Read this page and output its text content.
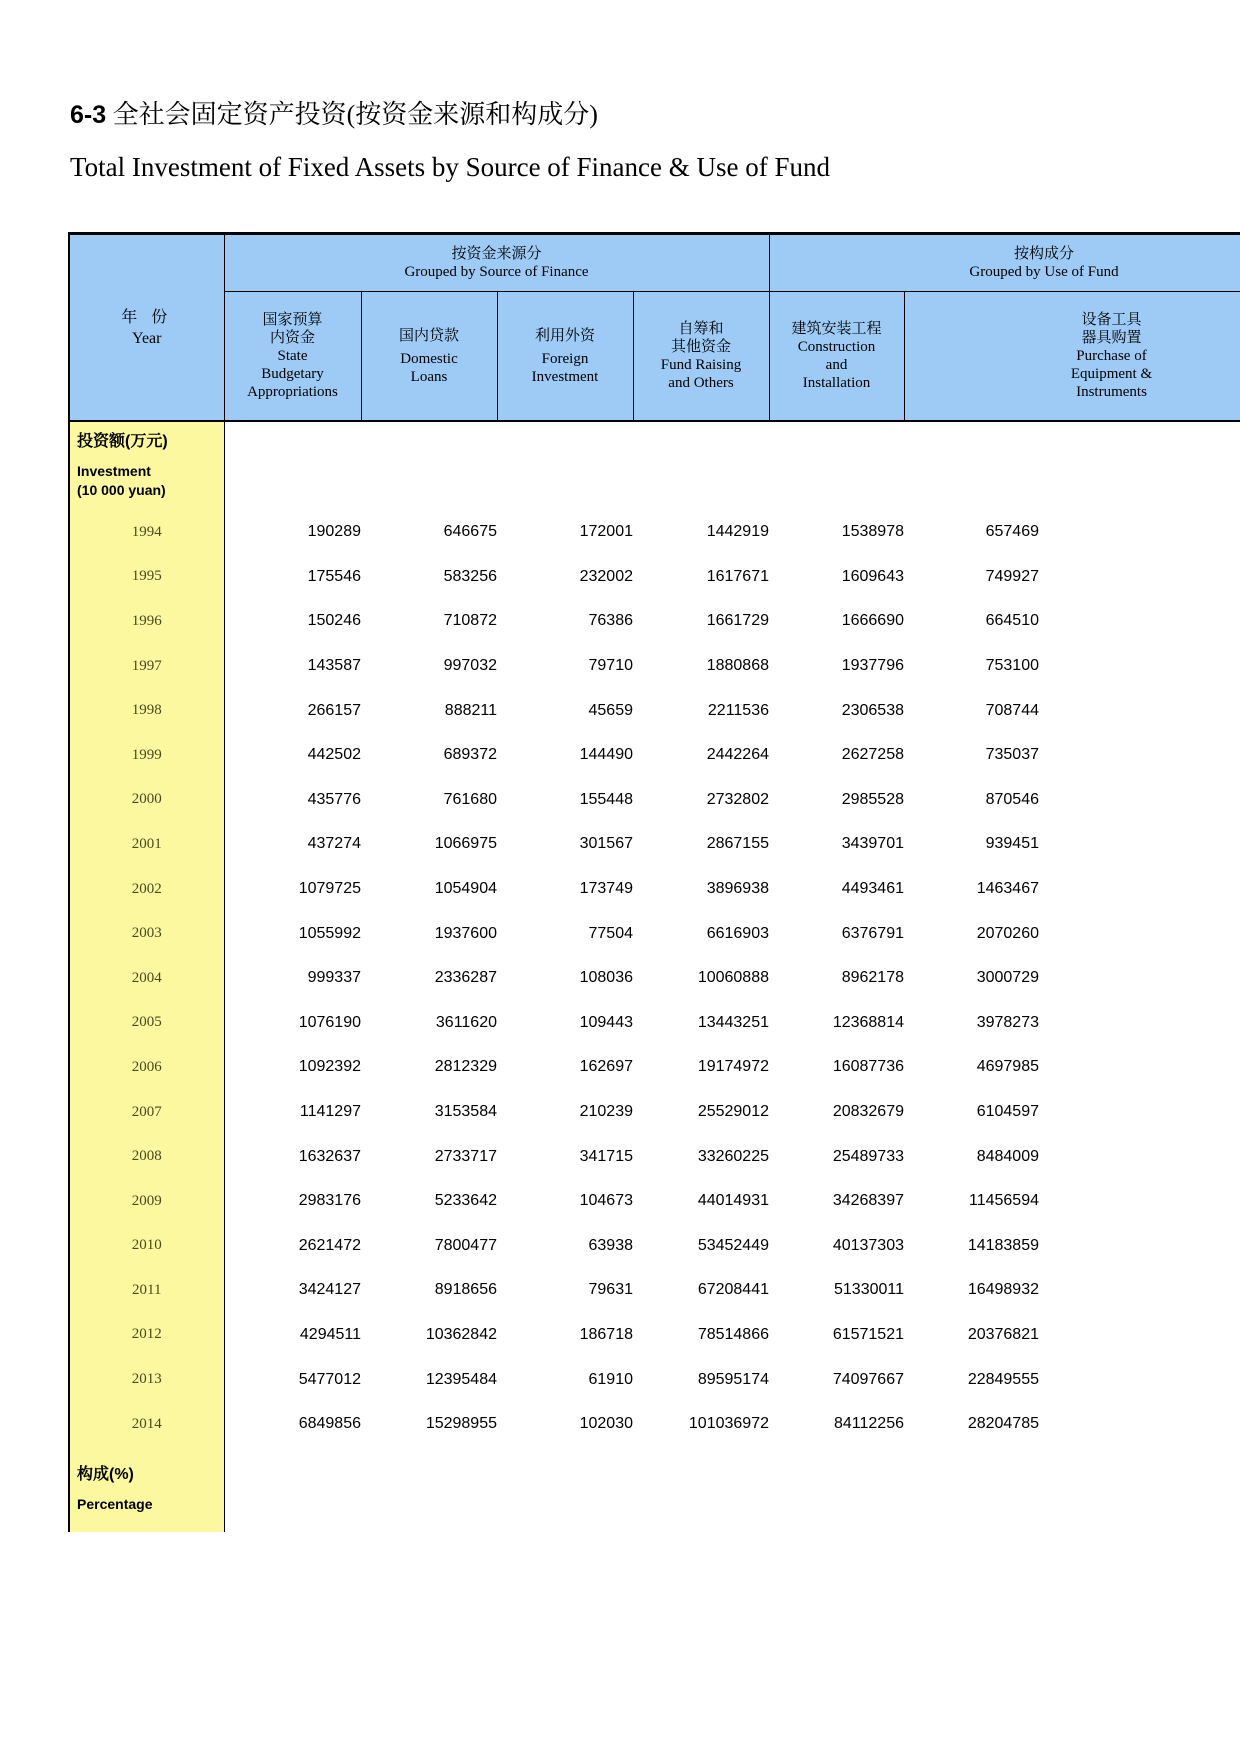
6-3 全社会固定资产投资(按资金来源和构成分)
Total Investment of Fixed Assets by Source of Finance & Use of Fund
年 份
Year	按资金来源分
Grouped by Source of Finance				按构成分
Grouped by Use of Fund		

	国家预算
内资金
State
Budgetary
Appropriations	国内贷款
Domestic
Loans	利用外资
Foreign
Investment	自筹和
其他资金
Fund Raising
and Others	建筑安装工程
Construction
and
Installation	设备工具
器具购置
Purchase of
Equipment &
Instruments	

投资额(万元)
Investment
(10 000 yuan)							

1994	190289	646675	172001	1442919	1538978	657469	
1995	175546	583256	232002	1617671	1609643	749927	
1996	150246	710872	76386	1661729	1666690	664510	
1997	143587	997032	79710	1880868	1937796	753100	
1998	266157	888211	45659	2211536	2306538	708744	
1999	442502	689372	144490	2442264	2627258	735037	
2000	435776	761680	155448	2732802	2985528	870546	
2001	437274	1066975	301567	2867155	3439701	939451	
2002	1079725	1054904	173749	3896938	4493461	1463467	
2003	1055992	1937600	77504	6616903	6376791	2070260	
2004	999337	2336287	108036	10060888	8962178	3000729	
2005	1076190	3611620	109443	13443251	12368814	3978273	
2006	1092392	2812329	162697	19174972	16087736	4697985	
2007	1141297	3153584	210239	25529012	20832679	6104597	
2008	1632637	2733717	341715	33260225	25489733	8484009	
2009	2983176	5233642	104673	44014931	34268397	11456594	
2010	2621472	7800477	63938	53452449	40137303	14183859	
2011	3424127	8918656	79631	67208441	51330011	16498932	
2012	4294511	10362842	186718	78514866	61571521	20376821	
2013	5477012	12395484	61910	89595174	74097667	22849555	
2014	6849856	15298955	102030	101036972	84112256	28204785	

构成(%)
Percentage							
